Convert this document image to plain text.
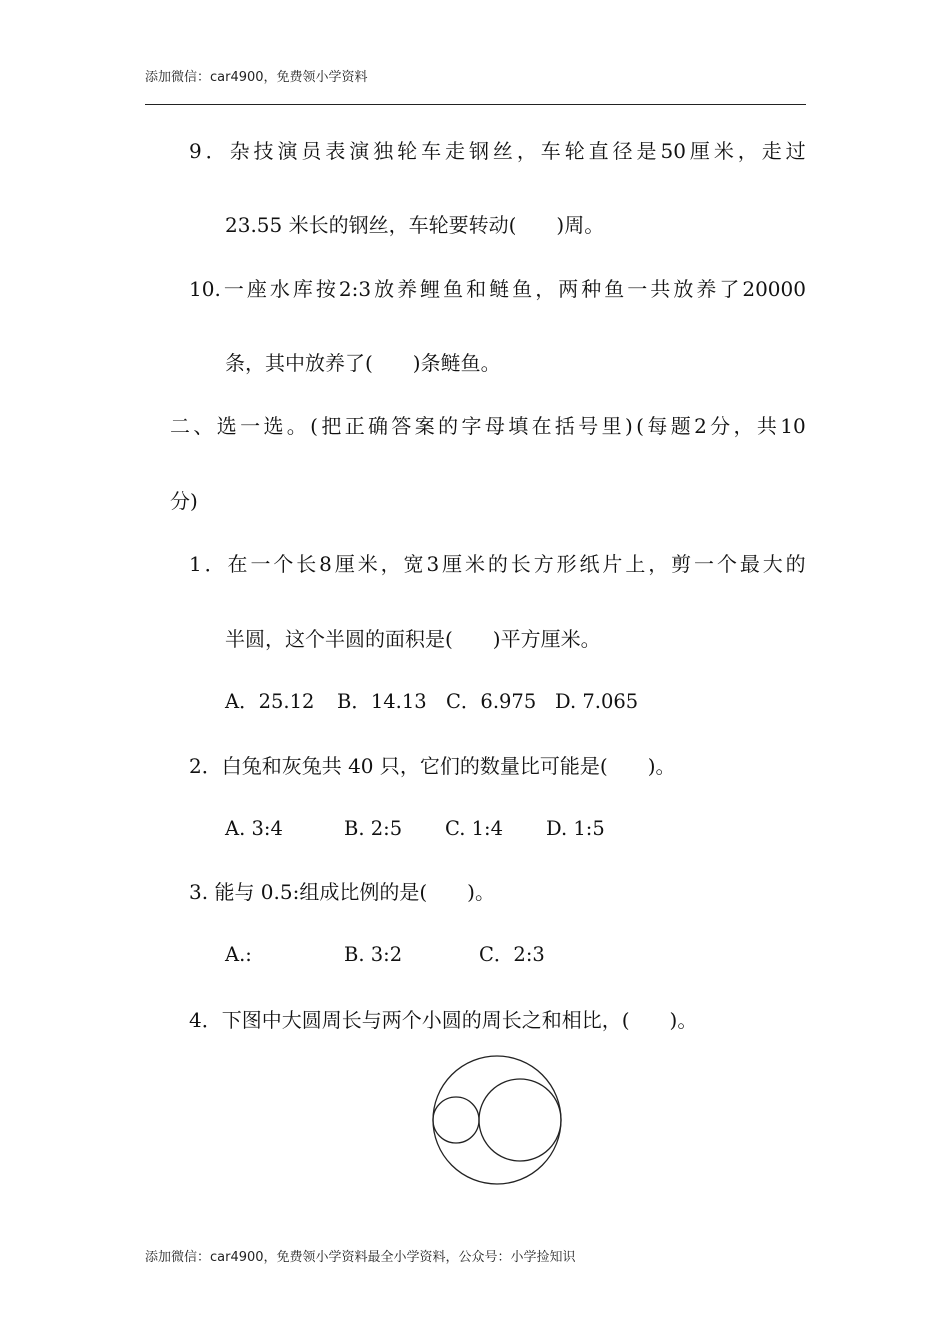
添加微信：car4900，免费领小学资料
9 ． 杂 技 演 员 表 演 独 轮 车 走 钢 丝 ， 车 轮 直 径 是 50 厘 米 ， 走 过
23.55 米长的钢丝，车轮要转动(　　)周。
10. 一 座 水 库 按 2:3 放 养 鲤 鱼 和 鲢 鱼 ， 两 种 鱼 一 共 放 养 了 20000
条，其中放养了(　　)条鲢鱼。
二 、 选 一 选 。 ( 把 正 确 答 案 的 字 母 填 在 括 号 里 ) ( 每 题 2 分 ， 共 10
分)
1 ． 在 一 个 长 8 厘 米 ， 宽 3 厘 米 的 长 方 形 纸 片 上 ， 剪 一 个 最 大 的
半圆，这个半圆的面积是(　　)平方厘米。
A．25.12 B．14.13 C．6.975 D. 7.065
2．白兔和灰兔共 40 只，它们的数量比可能是(　　)。
A. 3:4	B. 2:5 C. 1:4 D. 1:5
3. 能与 0.5:组成比例的是(　　)。
A.:	B. 3:2	C．2:3
4．下图中大圆周长与两个小圆的周长之和相比，(　　)。
添加微信：car4900，免费领小学资料最全小学资料，公众号：小学捡知识
